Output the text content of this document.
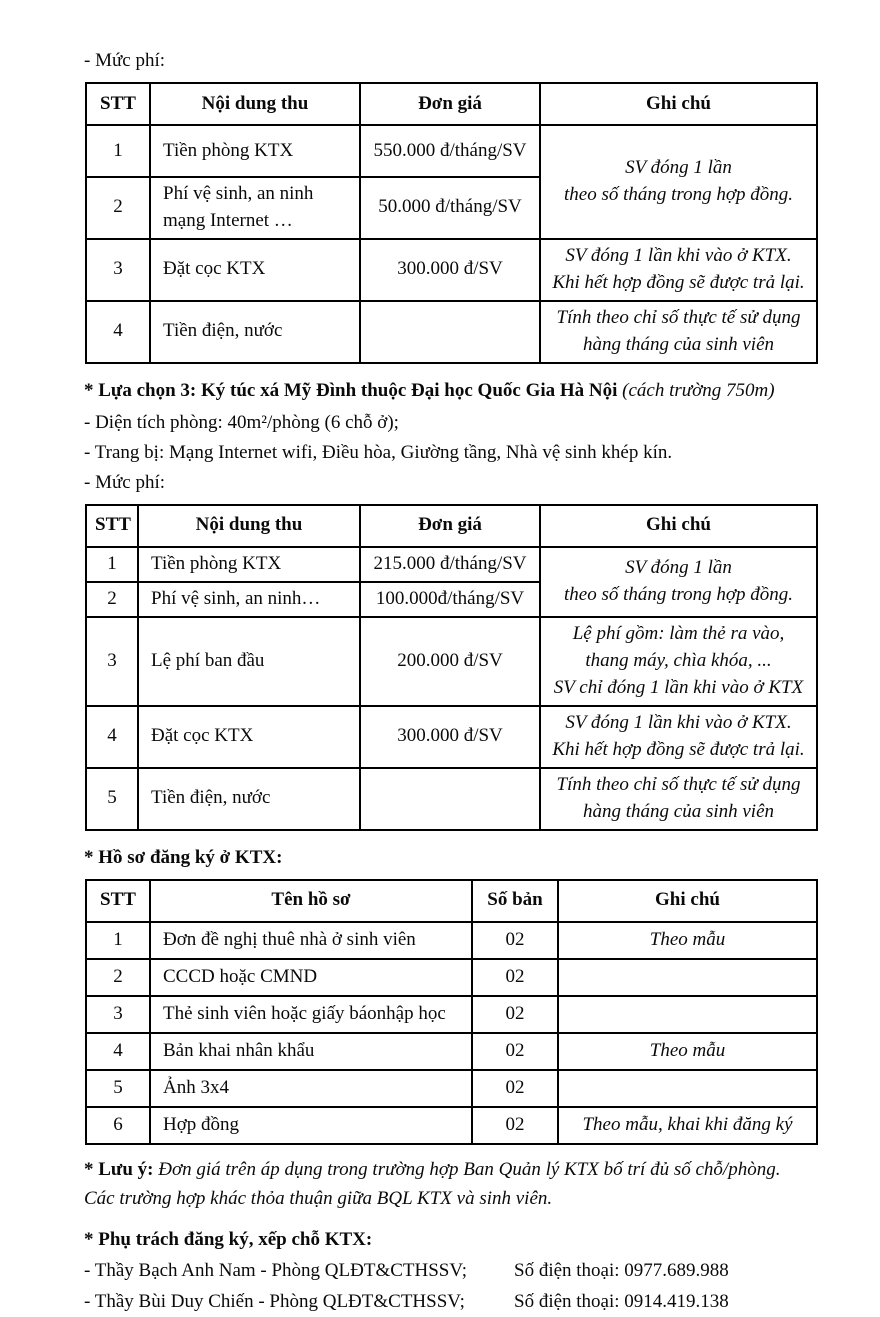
- Mức phí:

STT	Nội dung thu	Đơn giá	Ghi chú
1	Tiền phòng KTX	550.000 đ/tháng/SV	SV đóng 1 lần
theo số tháng trong hợp đồng.
2	Phí vệ sinh, an ninh
mạng Internet …	50.000 đ/tháng/SV	
3	Đặt cọc KTX	300.000 đ/SV	SV đóng 1 lần khi vào ở KTX.
Khi hết hợp đồng sẽ được trả lại.
4	Tiền điện, nước		Tính theo chỉ số thực tế sử dụng
hàng tháng của sinh viên

* Lựa chọn 3: Ký túc xá Mỹ Đình thuộc Đại học Quốc Gia Hà Nội (cách trường 750m)

- Diện tích phòng: 40m²/phòng (6 chỗ ở);

- Trang bị: Mạng Internet wifi, Điều hòa, Giường tầng, Nhà vệ sinh khép kín.

- Mức phí:

STT	Nội dung thu	Đơn giá	Ghi chú
1	Tiền phòng KTX	215.000 đ/tháng/SV	SV đóng 1 lần
theo số tháng trong hợp đồng.
2	Phí vệ sinh, an ninh…	100.000đ/tháng/SV	
3	Lệ phí ban đầu	200.000 đ/SV	Lệ phí gồm: làm thẻ ra vào,
thang máy, chìa khóa, ...
SV chỉ đóng 1 lần khi vào ở KTX
4	Đặt cọc KTX	300.000 đ/SV	SV đóng 1 lần khi vào ở KTX.
Khi hết hợp đồng sẽ được trả lại.
5	Tiền điện, nước		Tính theo chỉ số thực tế sử dụng
hàng tháng của sinh viên

* Hồ sơ đăng ký ở KTX:

STT	Tên hồ sơ	Số bản	Ghi chú
1	Đơn đề nghị thuê nhà ở sinh viên	02	Theo mẫu
2	CCCD hoặc CMND	02	
3	Thẻ sinh viên hoặc giấy báonhập học	02	
4	Bản khai nhân khẩu	02	Theo mẫu
5	Ảnh 3x4	02	
6	Hợp đồng	02	Theo mẫu, khai khi đăng ký

* Lưu ý: Đơn giá trên áp dụng trong trường hợp Ban Quản lý KTX bố trí đủ số chỗ/phòng.

Các trường hợp khác thỏa thuận giữa BQL KTX và sinh viên.

* Phụ trách đăng ký, xếp chỗ KTX:

- Thầy Bạch Anh Nam - Phòng QLĐT&CTHSSV;	Số điện thoại: 0977.689.988
- Thầy Bùi Duy Chiến - Phòng QLĐT&CTHSSV;	Số điện thoại: 0914.419.138
